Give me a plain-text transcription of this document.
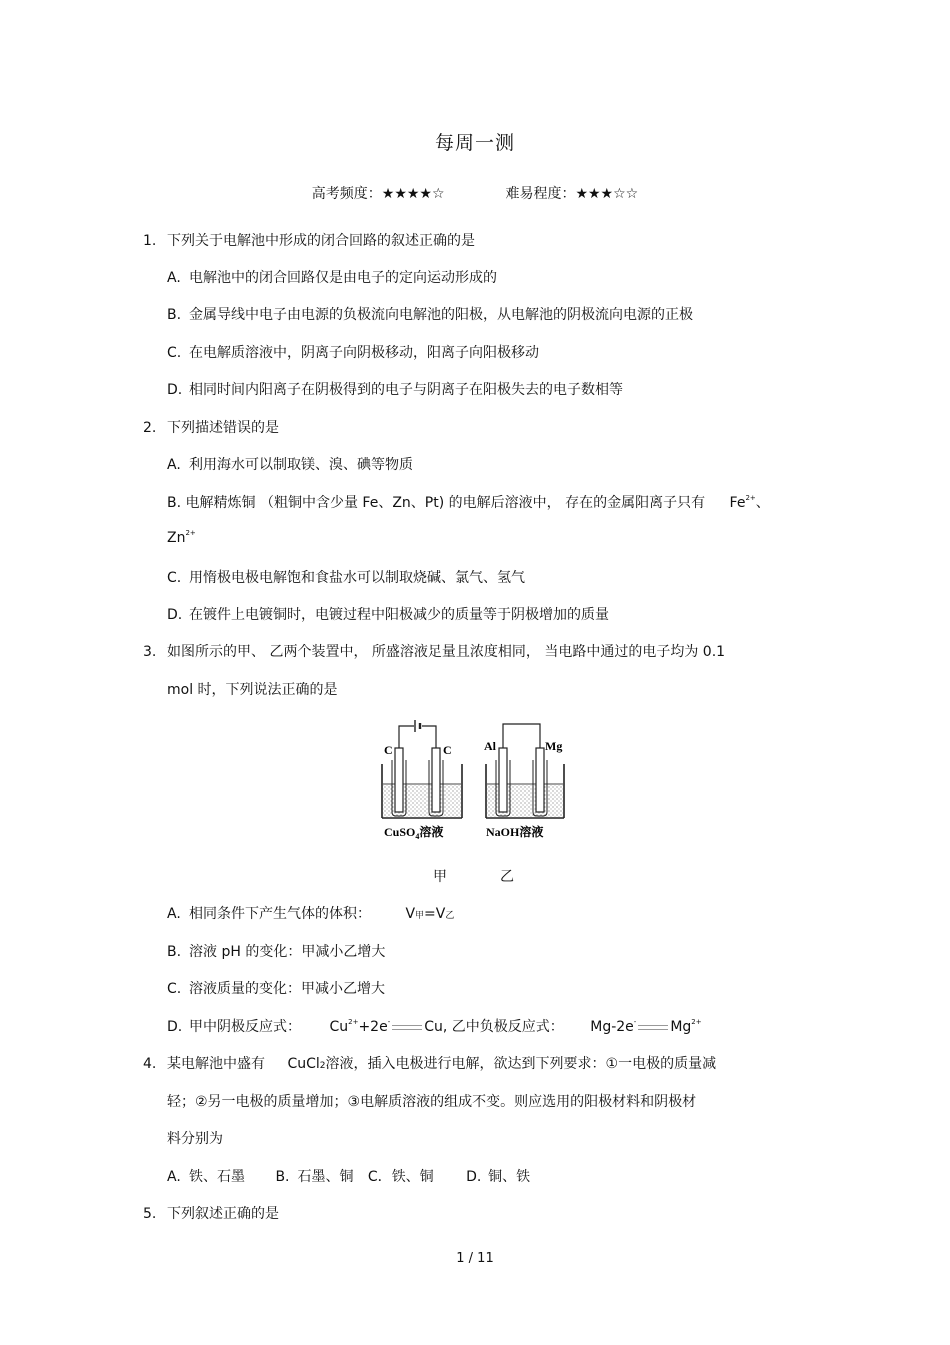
每周一测
高考频度：★★★★☆	难易程度：★★★☆☆
1. 下列关于电解池中形成的闭合回路的叙述正确的是
A. 电解池中的闭合回路仅是由电子的定向运动形成的
B. 金属导线中电子由电源的负极流向电解池的阳极，从电解池的阴极流向电源的正极
C. 在电解质溶液中，阴离子向阴极移动，阳离子向阳极移动
D. 相同时间内阳离子在阴极得到的电子与阴离子在阳极失去的电子数相等
2. 下列描述错误的是
A. 利用海水可以制取镁、溴、碘等物质
B. 电解精炼铜 （粗铜中含少量 Fe、Zn、Pt) 的电解后溶液中， 存在的金属阳离子只有 $Fe^{2+}$、
$Zn^{2+}$
C. 用惰极电极电解饱和食盐水可以制取烧碱、氯气、氢气
D. 在镀件上电镀铜时，电镀过程中阳极减少的质量等于阴极增加的质量
3. 如图所示的甲、 乙两个装置中， 所盛溶液足量且浓度相同， 当电路中通过的电子均为 0.1
mol 时，下列说法正确的是
C	C
CuSO$_4$溶液
Al	Mg
NaOH溶液
甲	乙
A. 相同条件下产生气体的体积： V甲=V乙
B. 溶液 pH 的变化：甲减小乙增大
C. 溶液质量的变化：甲减小乙增大
D. 甲中阴极反应式： $Cu^{2+}+2e^-$ Cu, 乙中负极反应式： Mg-2e- $Mg^{2+}$
4. 某电解池中盛有 CuCl2溶液，插入电极进行电解，欲达到下列要求：①一电极的质量减
轻；②另一电极的质量增加；③电解质溶液的组成不变。则应选用的阳极材料和阴极材
料分别为
A. 铁、石墨 B. 石墨、铜 C．铁、铜 D. 铜、铁
5. 下列叙述正确的是
1 / 11
